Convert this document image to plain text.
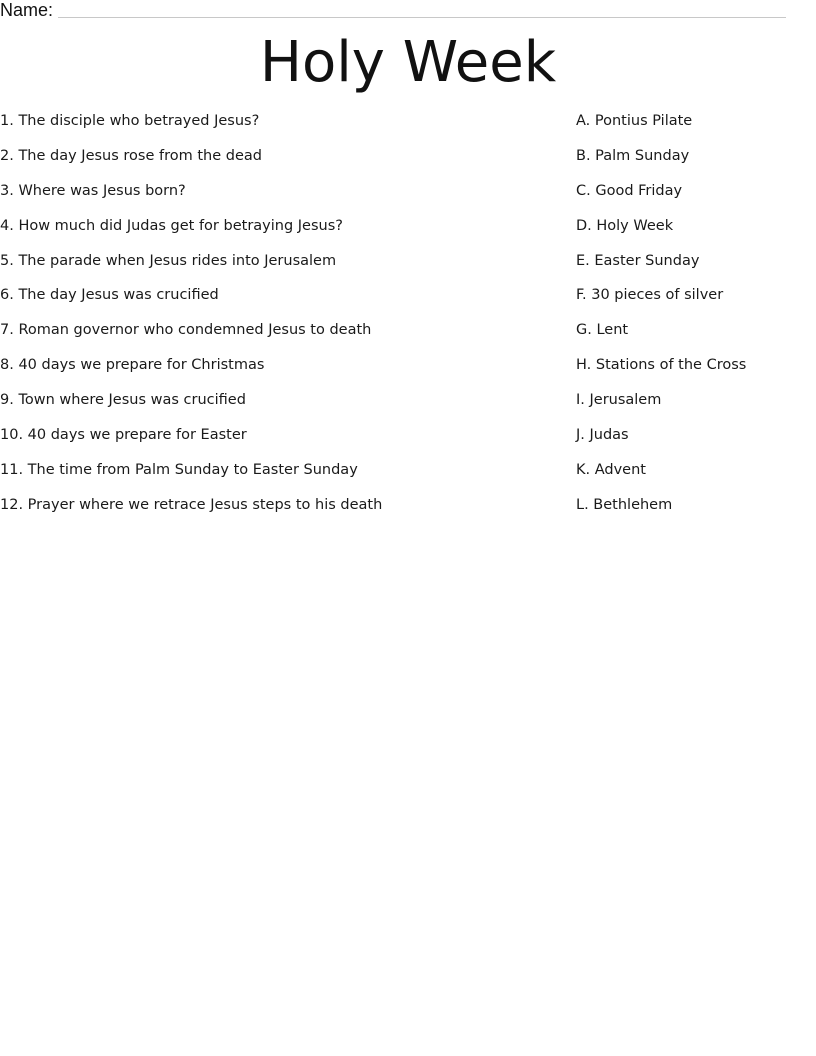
Name:
Holy Week
1. The disciple who betrayed Jesus?
2. The day Jesus rose from the dead
3. Where was Jesus born?
4. How much did Judas get for betraying Jesus?
5. The parade when Jesus rides into Jerusalem
6. The day Jesus was crucified
7. Roman governor who condemned Jesus to death
8. 40 days we prepare for Christmas
9. Town where Jesus was crucified
10. 40 days we prepare for Easter
11. The time from Palm Sunday to Easter Sunday
12. Prayer where we retrace Jesus steps to his death
A. Pontius Pilate
B. Palm Sunday
C. Good Friday
D. Holy Week
E. Easter Sunday
F. 30 pieces of silver
G. Lent
H. Stations of the Cross
I. Jerusalem
J. Judas
K. Advent
L. Bethlehem
